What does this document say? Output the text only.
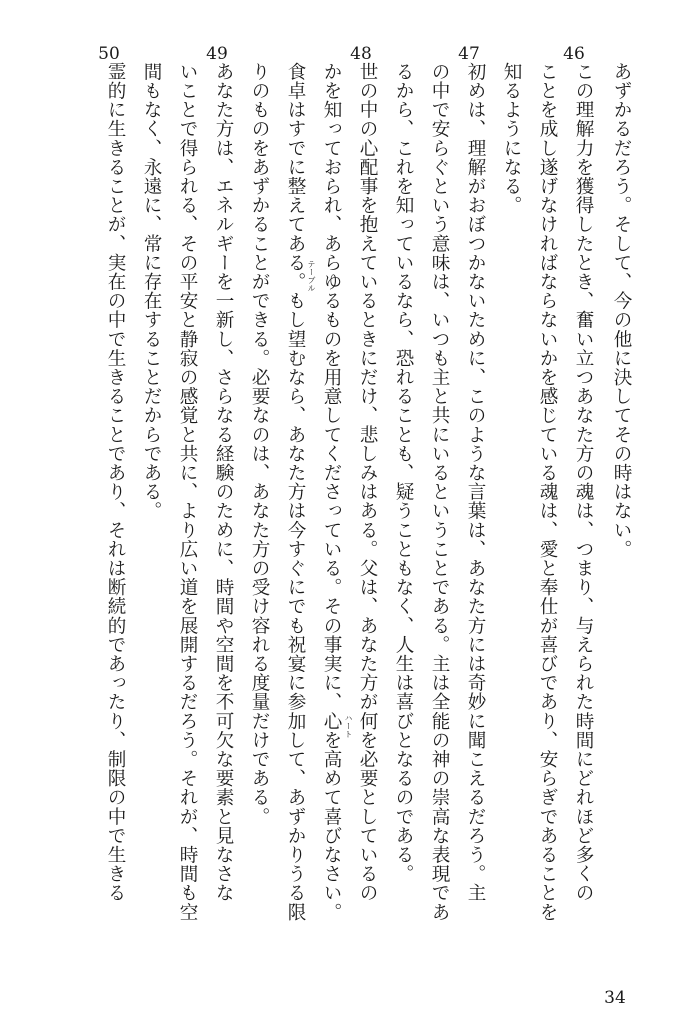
あずかるだろう。そして、今の他に決してその時はない。
46
この理解力を獲得したとき、奮い立つあなた方の魂は、つまり、与えられた時間にどれほど多くの
ことを成し遂げなければならないかを感じている魂は、愛と奉仕が喜びであり、安らぎであることを
知るようになる。
47
初めは、理解がおぼつかないために、このような言葉は、あなた方には奇妙に聞こえるだろう。主
の中で安らぐという意味は、いつも主と共にいるということである。主は全能の神の崇高な表現であ
るから、これを知っているなら、恐れることも、疑うこともなく、人生は喜びとなるのである。
48
世の中の心配事を抱えているときにだけ、悲しみはある。父は、あなた方が何を必要としているの
かを知っておられ、あらゆるものを用意してくださっている。その事実に、心を高めて喜びなさい。
食卓はすでに整えてある。もし望むなら、あなた方は今すぐにでも祝宴に参加して、あずかりうる限
りのものをあずかることができる。必要なのは、あなた方の受け容れる度量だけである。
49
あなた方は、エネルギーを一新し、さらなる経験のために、時間や空間を不可欠な要素と見なさな
いことで得られる、その平安と静寂の感覚と共に、より広い道を展開するだろう。それが、時間も空
間もなく、永遠に、常に存在することだからである。
50
霊的に生きることが、実在の中で生きることであり、それは断続的であったり、制限の中で生きる	テーブル
ハート
34
